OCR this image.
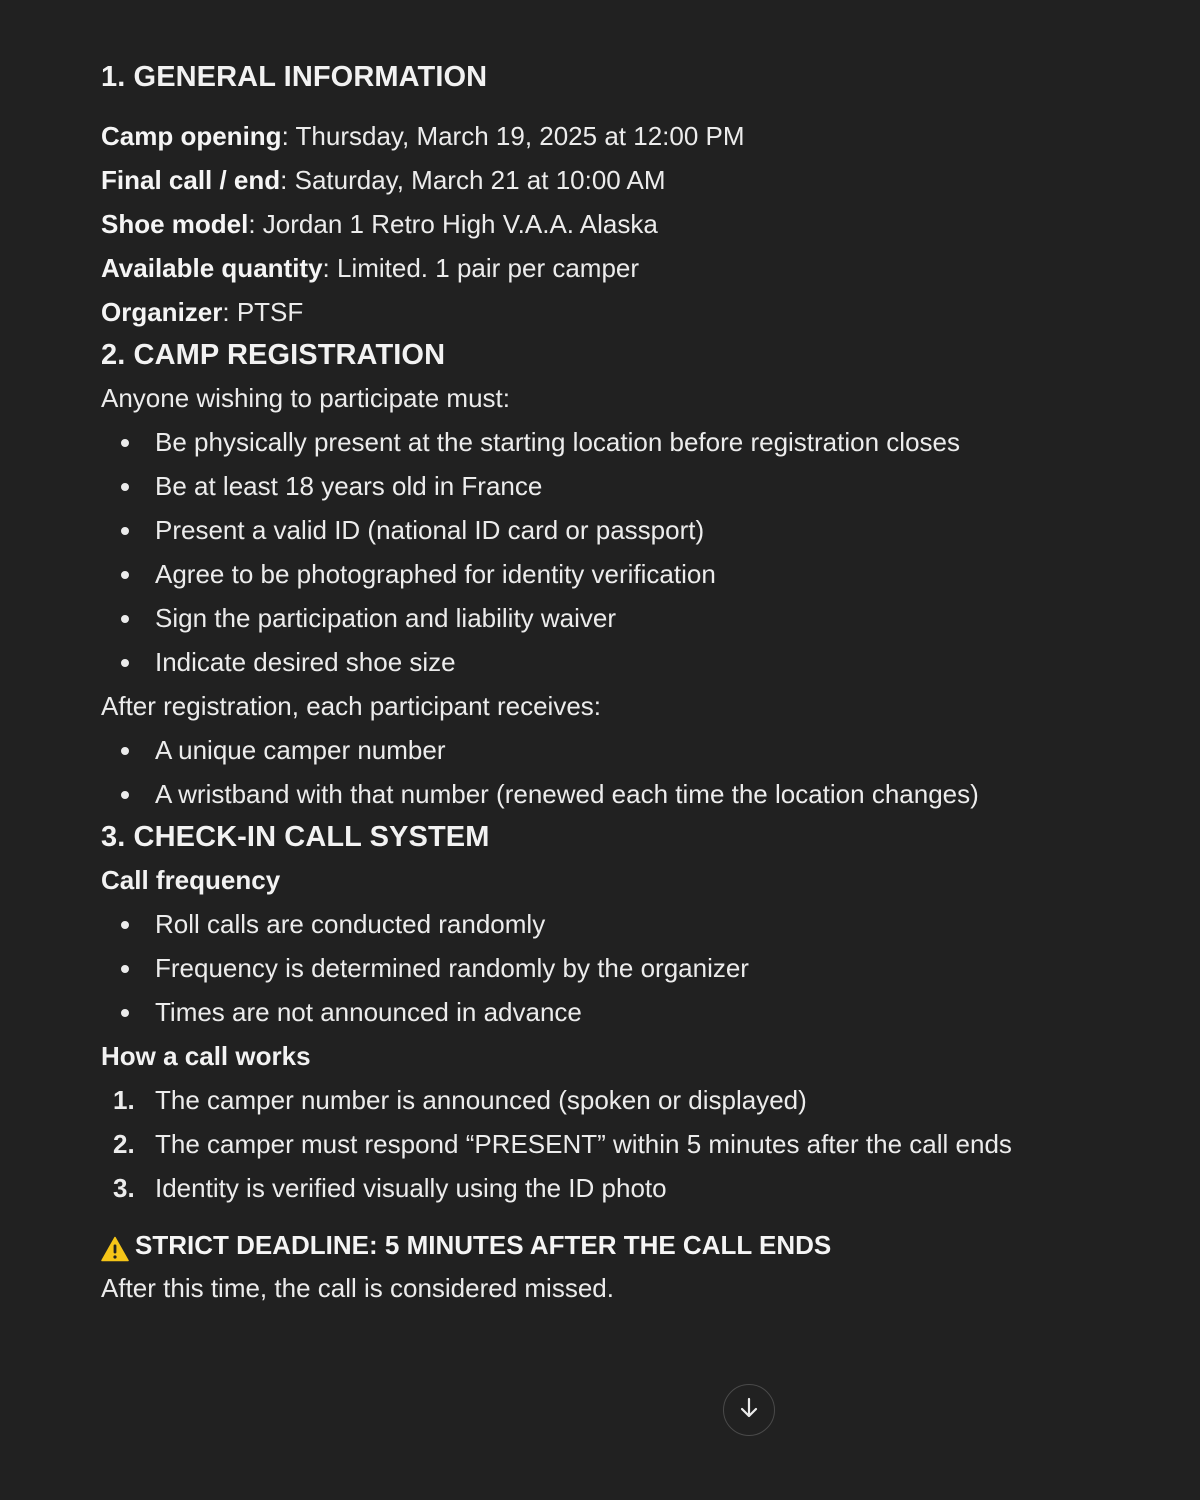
1. GENERAL INFORMATION
Camp opening: Thursday, March 19, 2025 at 12:00 PM
Final call / end: Saturday, March 21 at 10:00 AM
Shoe model: Jordan 1 Retro High V.A.A. Alaska
Available quantity: Limited. 1 pair per camper
Organizer: PTSF
2. CAMP REGISTRATION

Anyone wishing to participate must:

Be physically present at the starting location before registration closes
Be at least 18 years old in France
Present a valid ID (national ID card or passport)
Agree to be photographed for identity verification
Sign the participation and liability waiver
Indicate desired shoe size

After registration, each participant receives:

A unique camper number
A wristband with that number (renewed each time the location changes)
3. CHECK-IN CALL SYSTEM
Call frequency
Roll calls are conducted randomly
Frequency is determined randomly by the organizer
Times are not announced in advance
How a call works
1. The camper number is announced (spoken or displayed)
2. The camper must respond “PRESENT” within 5 minutes after the call ends
3. Identity is verified visually using the ID photo
STRICT DEADLINE: 5 MINUTES AFTER THE CALL ENDS

After this time, the call is considered missed.
